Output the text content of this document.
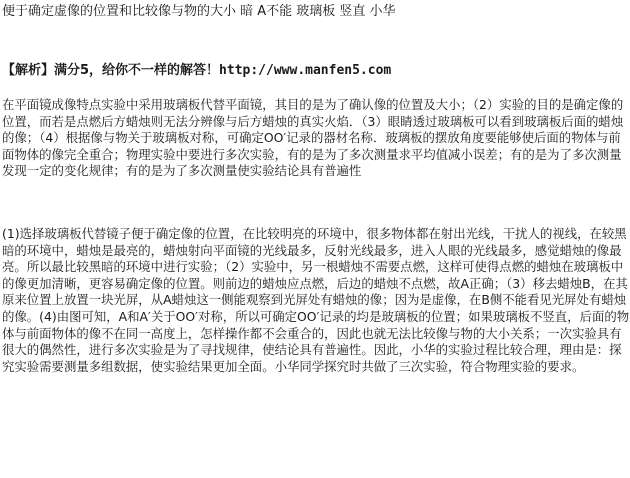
便于确定虚像的位置和比较像与物的大小 暗 A不能 玻璃板 竖直 小华
【解析】满分5，给你不一样的解答！http://www.manfen5.com
在平面镜成像特点实验中采用玻璃板代替平面镜，其目的是为了确认像的位置及大小；（2）实验的目的是确定像的位置，而若是点燃后方蜡烛则无法分辨像与后方蜡烛的真实火焰．（3）眼睛透过玻璃板可以看到玻璃板后面的蜡烛的像；（4）根据像与物关于玻璃板对称，可确定OO′记录的器材名称．玻璃板的摆放角度要能够使后面的物体与前面物体的像完全重合；物理实验中要进行多次实验，有的是为了多次测量求平均值减小误差；有的是为了多次测量发现一定的变化规律；有的是为了多次测量使实验结论具有普遍性
(1)选择玻璃板代替镜子便于确定像的位置，在比较明亮的环境中，很多物体都在射出光线，干扰人的视线，在较黑暗的环境中，蜡烛是最亮的，蜡烛射向平面镜的光线最多，反射光线最多，进入人眼的光线最多，感觉蜡烛的像最亮。所以最比较黑暗的环境中进行实验；（2）实验中，另一根蜡烛不需要点燃，这样可使得点燃的蜡烛在玻璃板中的像更加清晰，更容易确定像的位置。则前边的蜡烛应点燃，后边的蜡烛不点燃，故A正确；（3）移去蜡烛B，在其原来位置上放置一块光屏，从A蜡烛这一侧能观察到光屏处有蜡烛的像；因为是虚像，在B侧不能看见光屏处有蜡烛的像。(4)由图可知，A和A′关于OO′对称，所以可确定OO′记录的均是玻璃板的位置；如果玻璃板不竖直，后面的物体与前面物体的像不在同一高度上，怎样操作都不会重合的，因此也就无法比较像与物的大小关系；一次实验具有很大的偶然性，进行多次实验是为了寻找规律，使结论具有普遍性。因此，小华的实验过程比较合理，理由是：探究实验需要测量多组数据，使实验结果更加全面。小华同学探究时共做了三次实验，符合物理实验的要求。
